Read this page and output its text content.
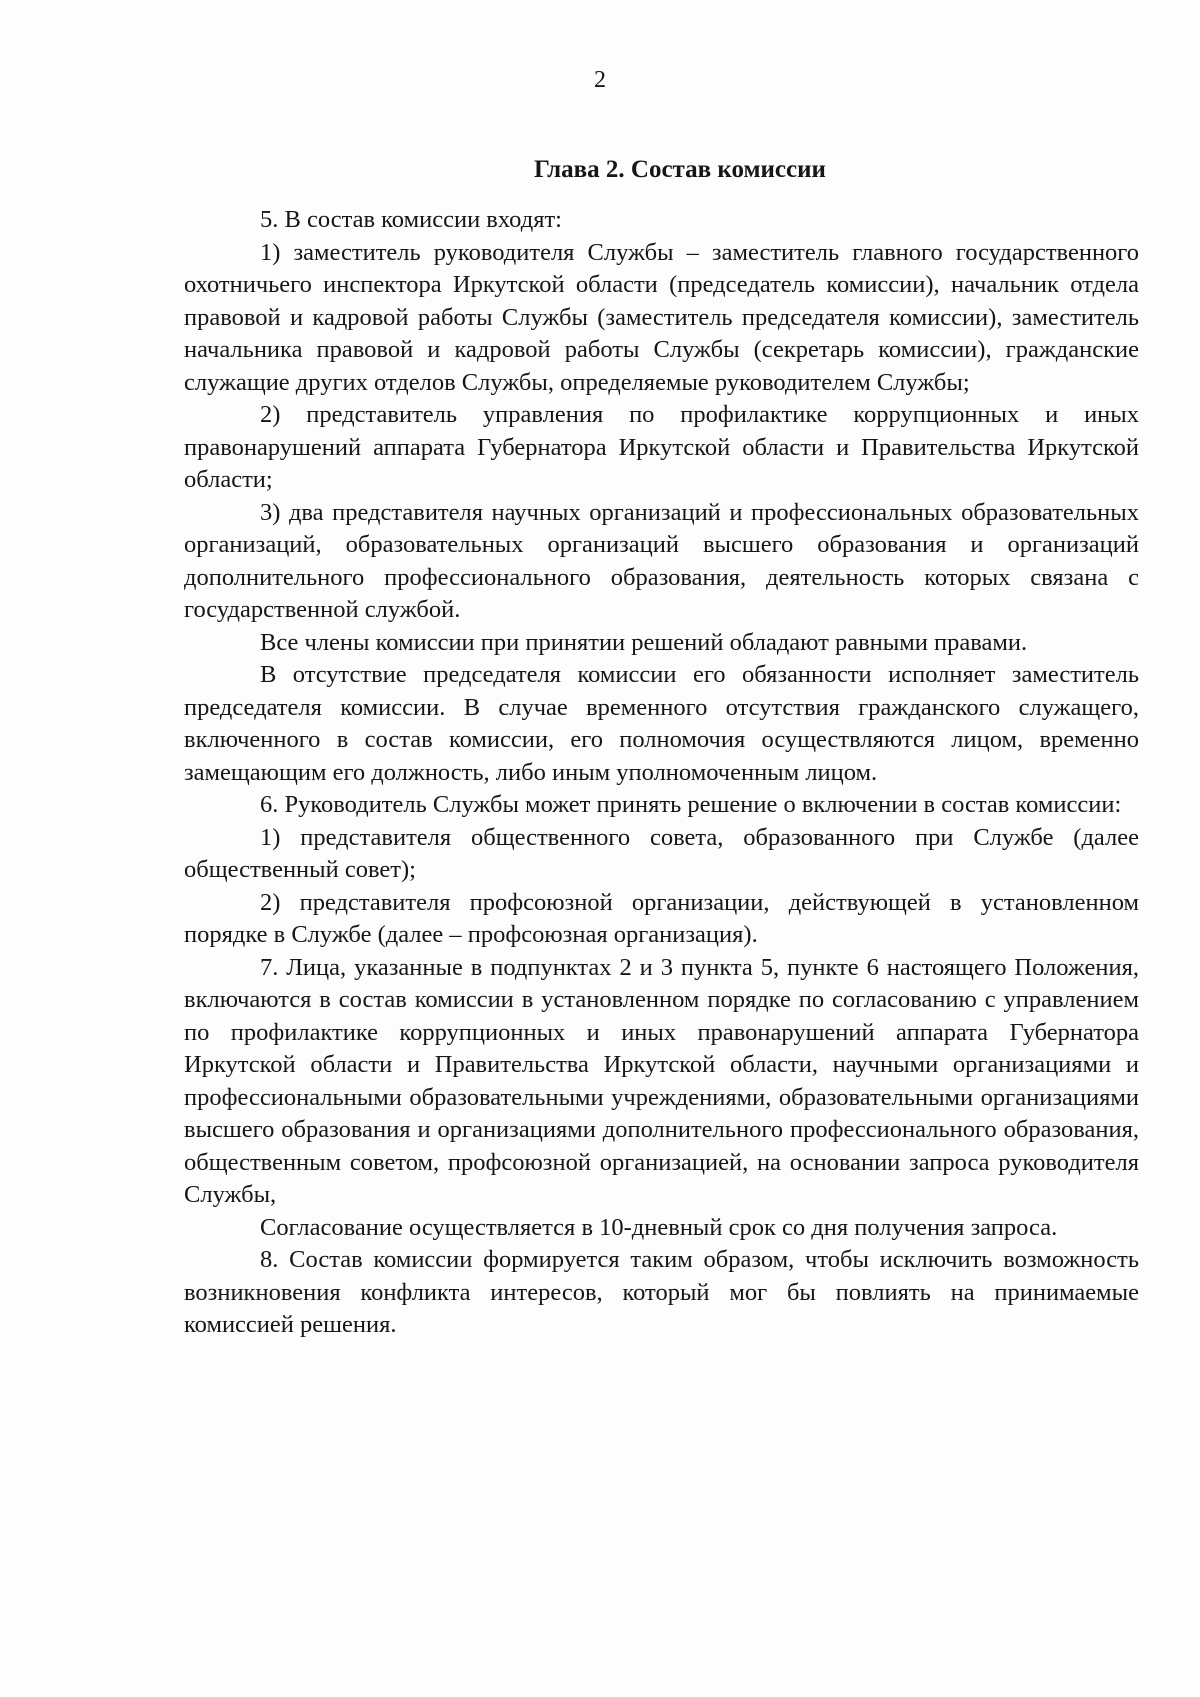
2
Глава 2. Состав комиссии

5. В состав комиссии входят:

1) заместитель руководителя Службы – заместитель главного государственного охотничьего инспектора Иркутской области (председатель комиссии), начальник отдела правовой и кадровой работы Службы (заместитель председателя комиссии), заместитель начальника правовой и кадровой работы Службы (секретарь комиссии), гражданские служащие других отделов Службы, определяемые руководителем Службы;

2) представитель управления по профилактике коррупционных и иных правонарушений аппарата Губернатора Иркутской области и Правительства Иркутской области;

3) два представителя научных организаций и профессиональных образовательных организаций, образовательных организаций высшего образования и организаций дополнительного профессионального образования, деятельность которых связана с государственной службой.

Все члены комиссии при принятии решений обладают равными правами.

В отсутствие председателя комиссии его обязанности исполняет заместитель председателя комиссии. В случае временного отсутствия гражданского служащего, включенного в состав комиссии, его полномочия осуществляются лицом, временно замещающим его должность, либо иным уполномоченным лицом.

6. Руководитель Службы может принять решение о включении в состав комиссии:

1) представителя общественного совета, образованного при Службе (далее общественный совет);

2) представителя профсоюзной организации, действующей в установленном порядке в Службе (далее – профсоюзная организация).

7. Лица, указанные в подпунктах 2 и 3 пункта 5, пункте 6 настоящего Положения, включаются в состав комиссии в установленном порядке по согласованию с управлением по профилактике коррупционных и иных правонарушений аппарата Губернатора Иркутской области и Правительства Иркутской области, научными организациями и профессиональными образовательными учреждениями, образовательными организациями высшего образования и организациями дополнительного профессионального образования, общественным советом, профсоюзной организацией, на основании запроса руководителя Службы,

Согласование осуществляется в 10-дневный срок со дня получения запроса.

8. Состав комиссии формируется таким образом, чтобы исключить возможность возникновения конфликта интересов, который мог бы повлиять на принимаемые комиссией решения.
